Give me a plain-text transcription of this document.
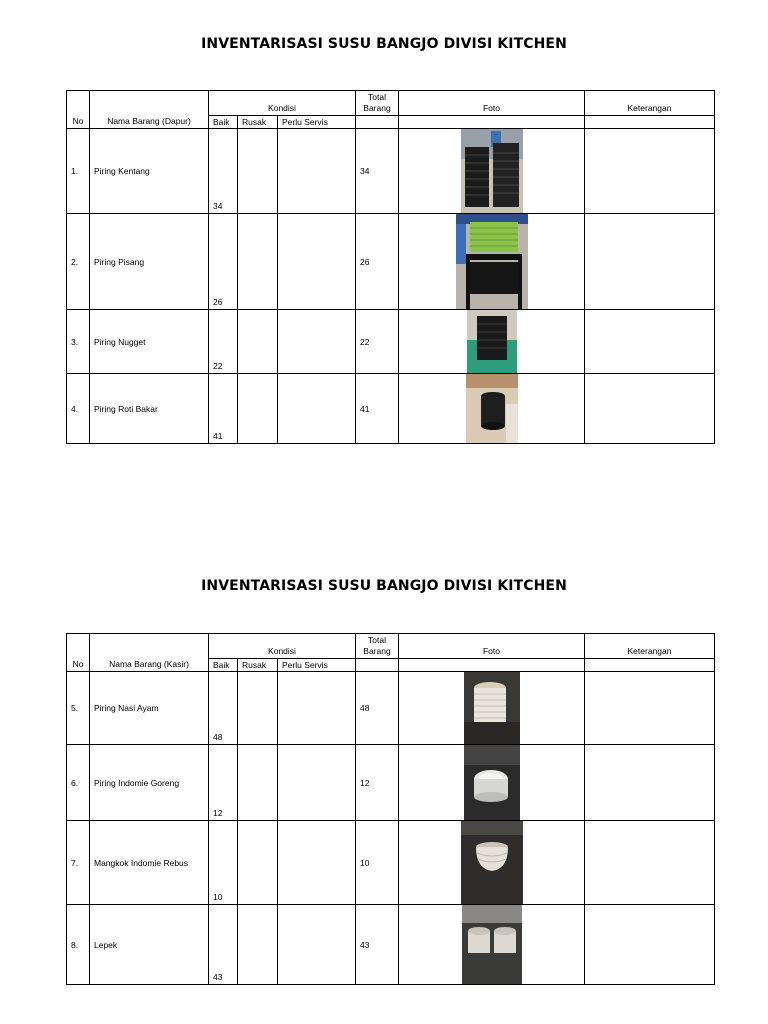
INVENTARISASI SUSU BANGJO DIVISI KITCHEN
No	Nama Barang (Dapur)	Kondisi			Total Barang	Foto	Keterangan
		Baik	Rusak	Perlu Servis			
1.	Piring Kentang	34			34	

2.	Piring Pisang	26			26	

3.	Piring Nugget	22			22	

4.	Piring Roti Bakar	41			41	

INVENTARISASI SUSU BANGJO DIVISI KITCHEN
No	Nama Barang (Kasir)	Kondisi			Total Barang	Foto	Keterangan
		Baik	Rusak	Perlu Servis			
5.	Piring Nasi Ayam	48			48	

6.	Piring Indomie Goreng	12			12	

7.	Mangkok Indomie Rebus	10			10	

8.	Lepek	43			43	
